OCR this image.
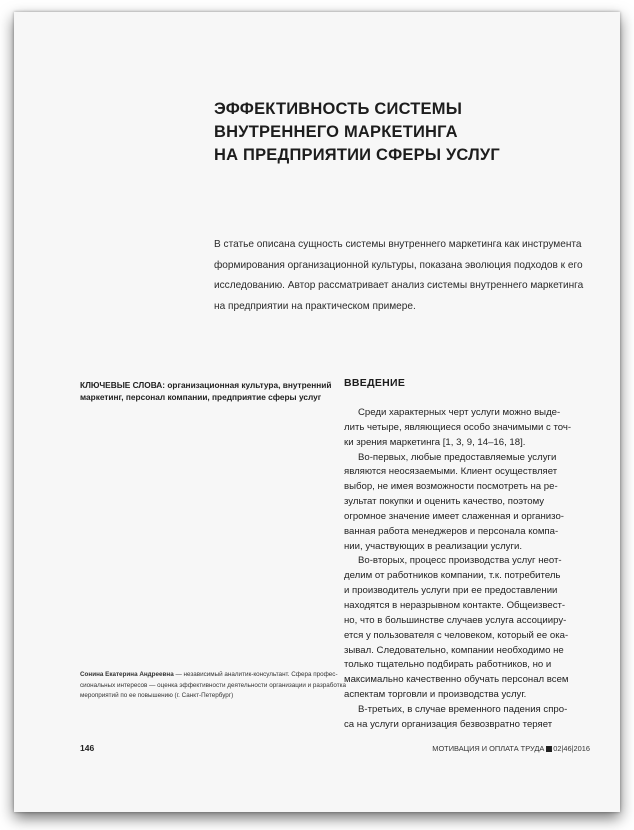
ЭФФЕКТИВНОСТЬ СИСТЕМЫ
ВНУТРЕННЕГО МАРКЕТИНГА
НА ПРЕДПРИЯТИИ СФЕРЫ УСЛУГ
В статье описана сущность системы внутреннего маркетинга как инструмента
формирования организационной культуры, показана эволюция подходов к его
исследованию. Автор рассматривает анализ системы внутреннего маркетинга
на предприятии на практическом примере.
КЛЮЧЕВЫЕ СЛОВА: организационная культура, внутренний
маркетинг, персонал компании, предприятие сферы услуг
Сонина Екатерина Андреевна — независимый аналитик-консультант. Сфера профес-
сиональных интересов — оценка эффективности деятельности организации и разработка
мероприятий по ее повышению (г. Санкт-Петербург)
ВВЕДЕНИЕ
Среди характерных черт услуги можно выде-
лить четыре, являющиеся особо значимыми с точ-
ки зрения маркетинга [1, 3, 9, 14–16, 18].
Во-первых, любые предоставляемые услуги
являются неосязаемыми. Клиент осуществляет
выбор, не имея возможности посмотреть на ре-
зультат покупки и оценить качество, поэтому
огромное значение имеет слаженная и организо-
ванная работа менеджеров и персонала компа-
нии, участвующих в реализации услуги.
Во-вторых, процесс производства услуг неот-
делим от работников компании, т.к. потребитель
и производитель услуги при ее предоставлении
находятся в неразрывном контакте. Общеизвест-
но, что в большинстве случаев услуга ассоцииру-
ется у пользователя с человеком, который ее ока-
зывал. Следовательно, компании необходимо не
только тщательно подбирать работников, но и
максимально качественно обучать персонал всем
аспектам торговли и производства услуг.
В-третьих, в случае временного падения спро-
са на услуги организация безвозвратно теряет
146	МОТИВАЦИЯ И ОПЛАТА ТРУДА 02|46|2016
